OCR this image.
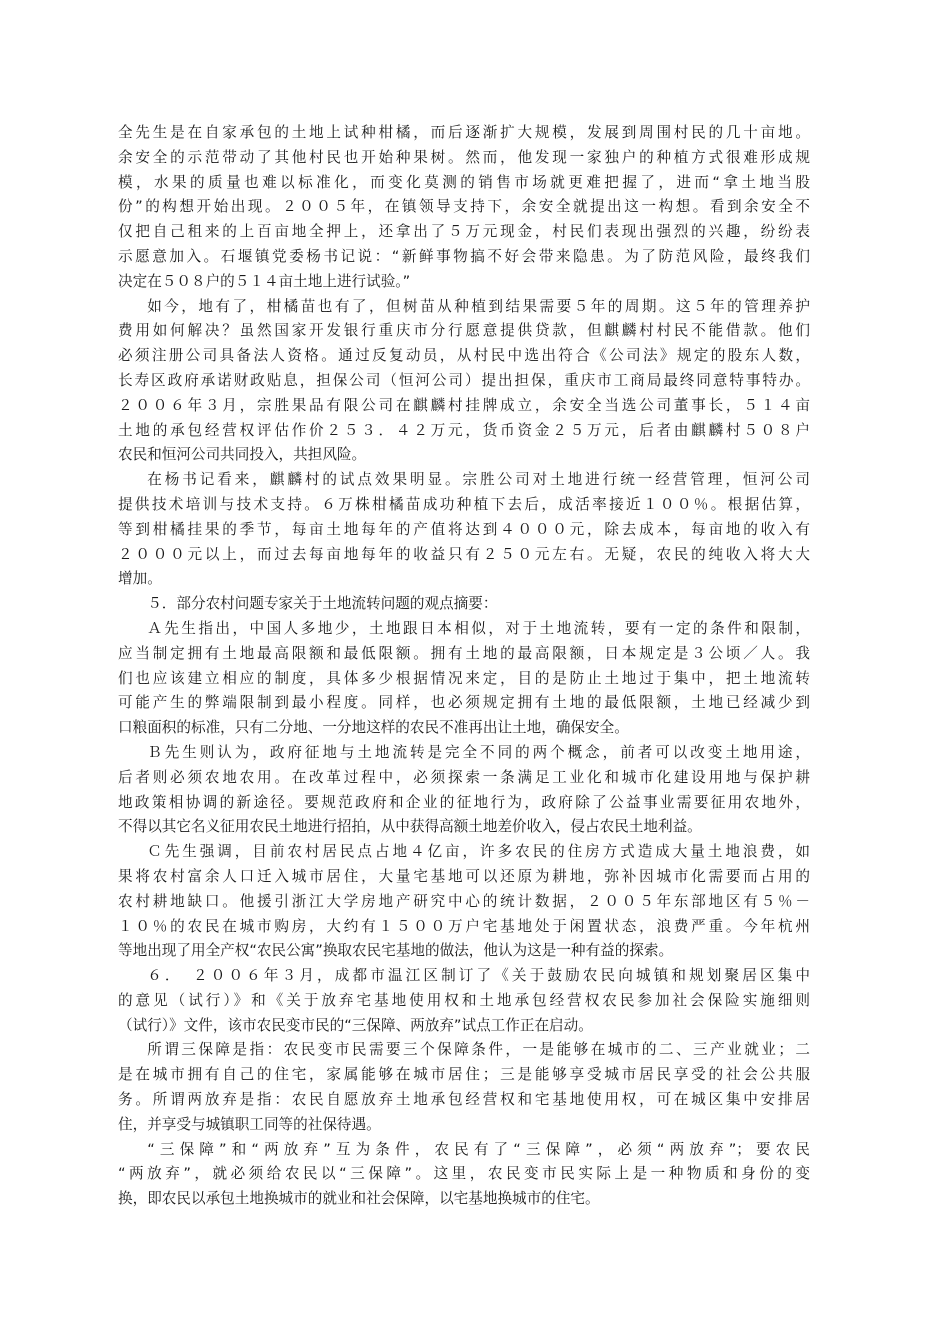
全先生是在自家承包的土地上试种柑橘，而后逐渐扩大规模，发展到周围村民的几十亩地。
余安全的示范带动了其他村民也开始种果树。然而，他发现一家独户的种植方式很难形成规
模，水果的质量也难以标准化，而变化莫测的销售市场就更难把握了，进而“拿土地当股
份”的构想开始出现。２００５年，在镇领导支持下，余安全就提出这一构想。看到余安全不
仅把自己租来的上百亩地全押上，还拿出了５万元现金，村民们表现出强烈的兴趣，纷纷表
示愿意加入。石堰镇党委杨书记说：“新鲜事物搞不好会带来隐患。为了防范风险，最终我们
决定在５０８户的５１４亩土地上进行试验。”
如今，地有了，柑橘苗也有了，但树苗从种植到结果需要５年的周期。这５年的管理养护
费用如何解决？虽然国家开发银行重庆市分行愿意提供贷款，但麒麟村村民不能借款。他们
必须注册公司具备法人资格。通过反复动员，从村民中选出符合《公司法》规定的股东人数，
长寿区政府承诺财政贴息，担保公司（恒河公司）提出担保，重庆市工商局最终同意特事特办。
２００６年３月，宗胜果品有限公司在麒麟村挂牌成立，余安全当选公司董事长，５１４亩
土地的承包经营权评估作价２５３．４２万元，货币资金２５万元，后者由麒麟村５０８户
农民和恒河公司共同投入，共担风险。
在杨书记看来，麒麟村的试点效果明显。宗胜公司对土地进行统一经营管理，恒河公司
提供技术培训与技术支持。６万株柑橘苗成功种植下去后，成活率接近１００％。根据估算，
等到柑橘挂果的季节，每亩土地每年的产值将达到４０００元，除去成本，每亩地的收入有
２０００元以上，而过去每亩地每年的收益只有２５０元左右。无疑，农民的纯收入将大大
增加。
５．部分农村问题专家关于土地流转问题的观点摘要：
Ａ先生指出，中国人多地少，土地跟日本相似，对于土地流转，要有一定的条件和限制，
应当制定拥有土地最高限额和最低限额。拥有土地的最高限额，日本规定是３公顷／人。我
们也应该建立相应的制度，具体多少根据情况来定，目的是防止土地过于集中，把土地流转
可能产生的弊端限制到最小程度。同样，也必须规定拥有土地的最低限额，土地已经减少到
口粮面积的标准，只有二分地、一分地这样的农民不准再出让土地，确保安全。
Ｂ先生则认为，政府征地与土地流转是完全不同的两个概念，前者可以改变土地用途，
后者则必须农地农用。在改革过程中，必须探索一条满足工业化和城市化建设用地与保护耕
地政策相协调的新途径。要规范政府和企业的征地行为，政府除了公益事业需要征用农地外，
不得以其它名义征用农民土地进行招拍，从中获得高额土地差价收入，侵占农民土地利益。
Ｃ先生强调，目前农村居民点占地４亿亩，许多农民的住房方式造成大量土地浪费，如
果将农村富余人口迁入城市居住，大量宅基地可以还原为耕地，弥补因城市化需要而占用的
农村耕地缺口。他援引浙江大学房地产研究中心的统计数据，２００５年东部地区有５％－
１０％的农民在城市购房，大约有１５００万户宅基地处于闲置状态，浪费严重。今年杭州
等地出现了用全产权“农民公寓”换取农民宅基地的做法，他认为这是一种有益的探索。
６．　２００６年３月，成都市温江区制订了《关于鼓励农民向城镇和规划聚居区集中
的意见（试行）》和《关于放弃宅基地使用权和土地承包经营权农民参加社会保险实施细则
（试行）》文件，该市农民变市民的“三保障、两放弃”试点工作正在启动。
所谓三保障是指：农民变市民需要三个保障条件，一是能够在城市的二、三产业就业；二
是在城市拥有自己的住宅，家属能够在城市居住；三是能够享受城市居民享受的社会公共服
务。所谓两放弃是指：农民自愿放弃土地承包经营权和宅基地使用权，可在城区集中安排居
住，并享受与城镇职工同等的社保待遇。
“三保障”和“两放弃”互为条件，农民有了“三保障”，必须“两放弃”；要农民
“两放弃”，就必须给农民以“三保障”。这里，农民变市民实际上是一种物质和身份的变
换，即农民以承包土地换城市的就业和社会保障，以宅基地换城市的住宅。
